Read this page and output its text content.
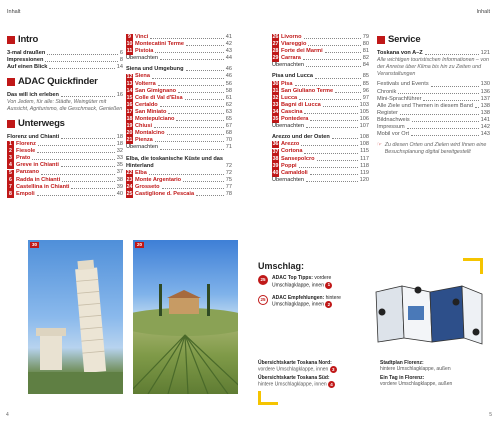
Inhalt	Inhalt
Intro
3-mal draußen	6
Impressionen	8
Auf einen Blick	14
ADAC Quickfinder
Das will ich erleben	16
Von Jedem, für alle: Städte, Weingüter mit Aussicht, Agriturismo, die Geschmack, Genießen
Unterwegs
Florenz und Chianti	18
1 Florenz	18
2 Fiesole	32
3 Prato	33
4 Greve in Chianti	35
5 Panzano	37
6 Radda in Chianti	38
7 Castellina in Chianti	39
8 Empoli	40
9 Vinci	41
10 Montecatini Terme	42
11 Pistoia	43
Übernachten	44
Siena und Umgebung	46
12 Siena	46
13 Volterra	56
14 San Gimignano	58
15 Colle di Val d'Elsa	61
16 Certaldo	62
17 San Miniato	63
18 Montepulciano	65
19 Chiusi	67
20 Montalcino	68
21 Pienza	70
Übernachten	71
Elba, die toskanische Küste und das Hinterland	72
22 Elba	72
23 Monte Argentario	75
24 Grosseto	77
25 Castiglione d. Pescaia	78
26 Livorno	79
27 Viareggio	80
28 Forte dei Marmi	81
29 Carrara	82
Übernachten	84
Pisa und Lucca	85
30 Pisa	85
31 San Giuliano Terme	96
32 Lucca	97
33 Bagni di Lucca	103
34 Cascina	105
35 Pontedera	106
Übernachten	107
Arezzo und der Osten	108
36 Arezzo	108
37 Cortona	115
38 Sansepolcro	117
39 Poppi	118
40 Camaldoli	119
Übernachten	120
Service
Toskana von A–Z	121
Alle wichtigen touristischen Informationen – von der Anreise über Klima bis hin zu Zeiten und Veranstaltungen
Festivals und Events	130
Chronik	136
Mini-Sprachführer	137
Alle Ziele und Themen in diesem Band 138
Register	138
Bildnachweis	141
Impressum	142
Mobil vor Ort	143
☞ Zu diesen Orten und Zielen wird Ihnen eine Besuchsplanung digital bereitgestellt
30	20
Umschlag:
25	ADAC Top Tipps: vordere Umschlagklappe, innen 1
25	ADAC Empfehlungen: hintere Umschlagklappe, innen 2
Übersichtskarte Toskana Nord:
vordere Umschlagklappe, innen 3
Übersichtskarte Toskana Süd:
hintere Umschlagklappe, innen 4
Stadtplan Florenz:
hintere Umschlagklappe, außen
Ein Tag in Florenz:
vordere Umschlagklappe, außen
4	5
